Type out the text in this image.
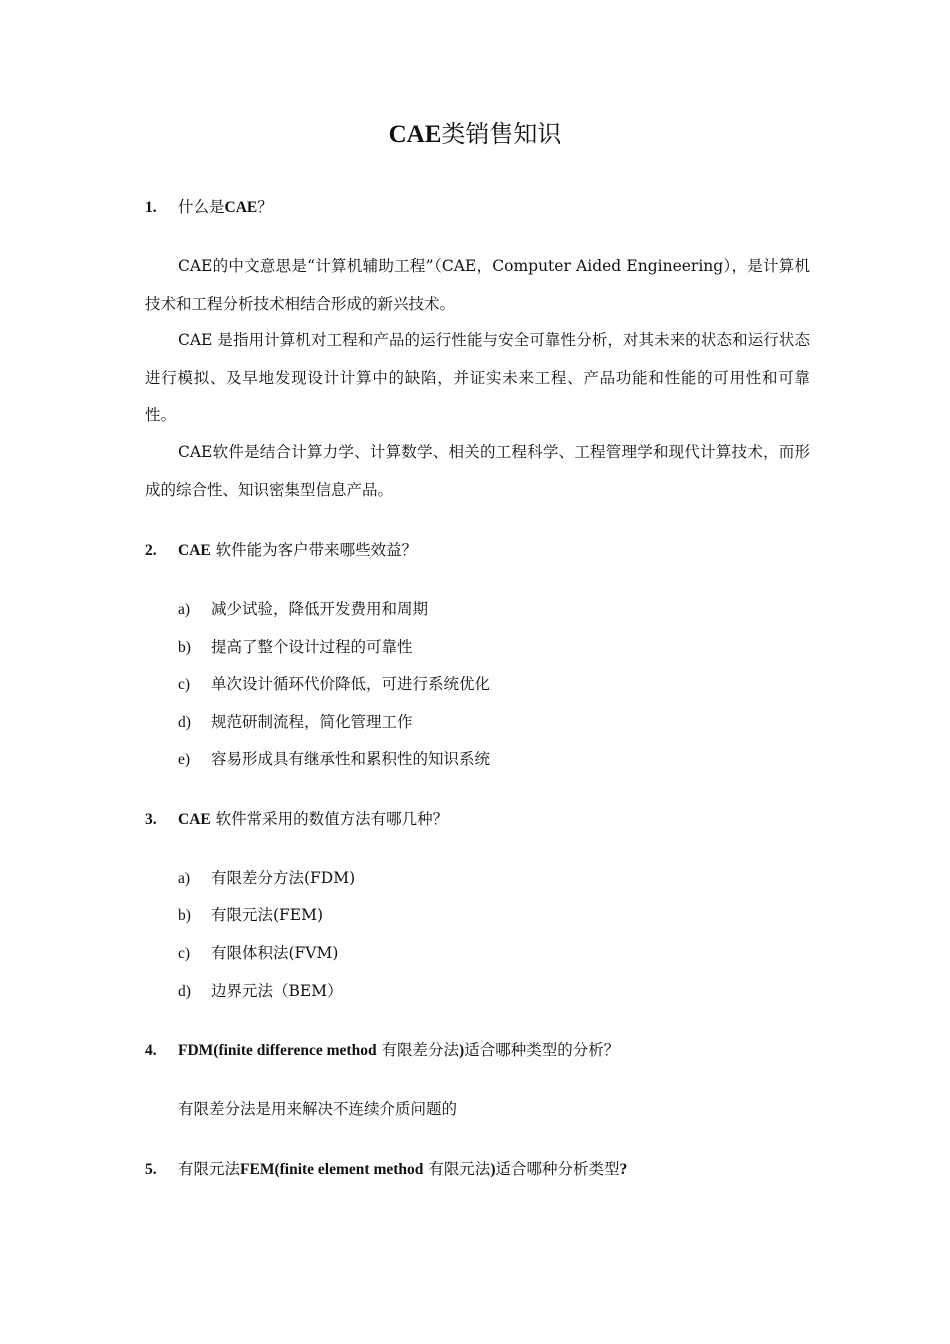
CAE类销售知识
1. 什么是CAE？

CAE的中文意思是“计算机辅助工程”（CAE，Computer Aided Engineering），是计算机技术和工程分析技术相结合形成的新兴技术。

CAE 是指用计算机对工程和产品的运行性能与安全可靠性分析，对其未来的状态和运行状态进行模拟、及早地发现设计计算中的缺陷，并证实未来工程、产品功能和性能的可用性和可靠性。

CAE软件是结合计算力学、计算数学、相关的工程科学、工程管理学和现代计算技术，而形成的综合性、知识密集型信息产品。

2. CAE 软件能为客户带来哪些效益？
a) 减少试验，降低开发费用和周期
b) 提高了整个设计过程的可靠性
c) 单次设计循环代价降低，可进行系统优化
d) 规范研制流程，简化管理工作
e) 容易形成具有继承性和累积性的知识系统
3. CAE 软件常采用的数值方法有哪几种？
a) 有限差分方法(FDM)
b) 有限元法(FEM)
c) 有限体积法(FVM)
d) 边界元法（BEM）
4. FDM(finite difference method 有限差分法)适合哪种类型的分析？
有限差分法是用来解决不连续介质问题的
5. 有限元法FEM(finite element method 有限元法)适合哪种分析类型?
